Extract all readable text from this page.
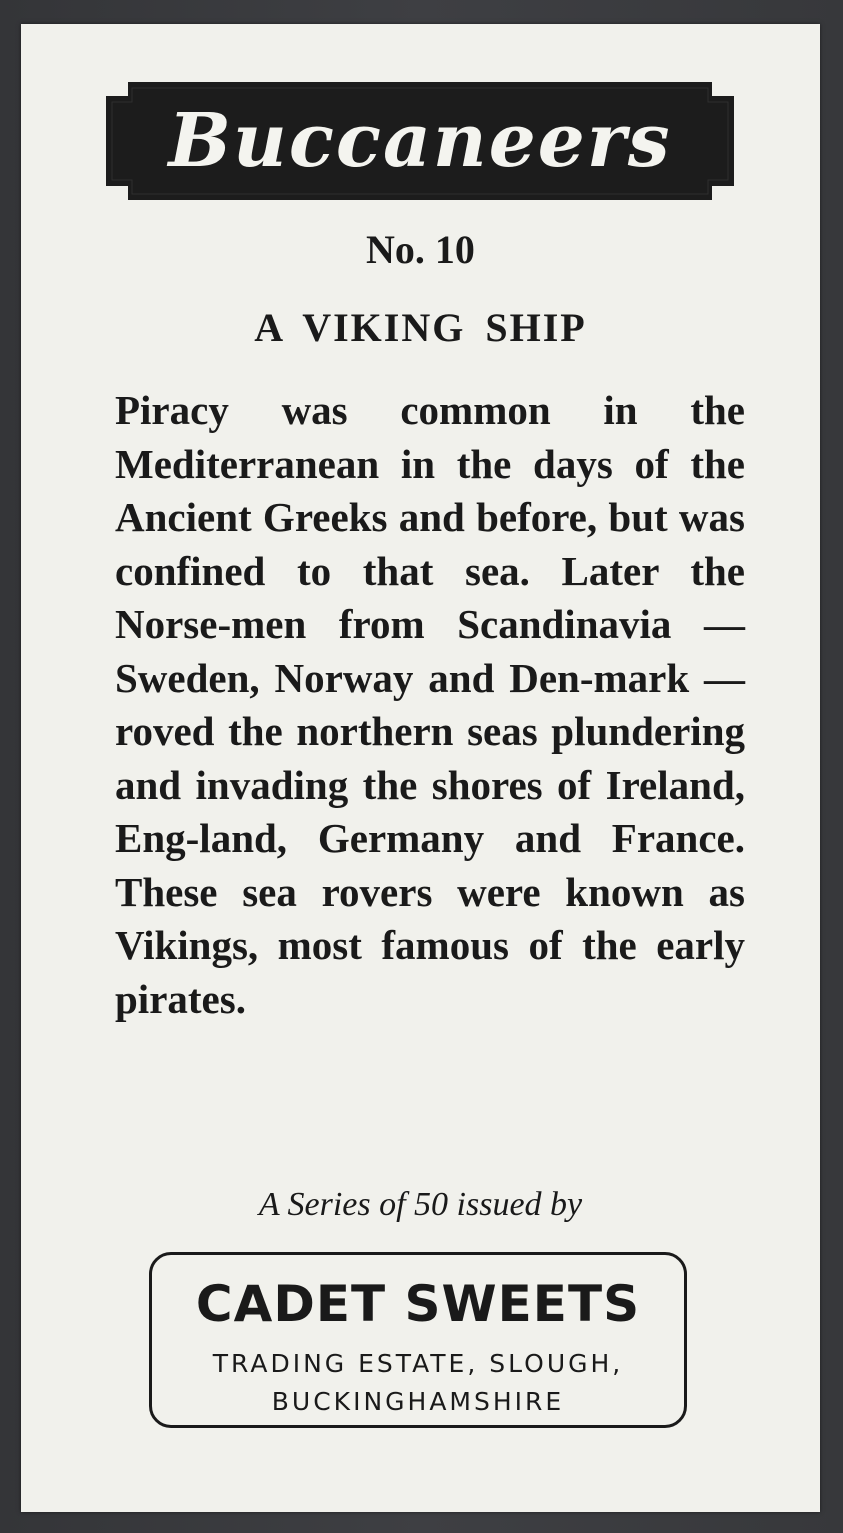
Buccaneers
No. 10
A VIKING SHIP

Piracy was common in the Mediterranean in the days of the Ancient Greeks and before, but was confined to that sea. Later the Norse-men from Scandinavia — Sweden, Norway and Den-mark — roved the northern seas plundering and invading the shores of Ireland, Eng-land, Germany and France. These sea rovers were known as Vikings, most famous of the early pirates.

A Series of 50 issued by
CADET SWEETS
TRADING ESTATE, SLOUGH,
BUCKINGHAMSHIRE
